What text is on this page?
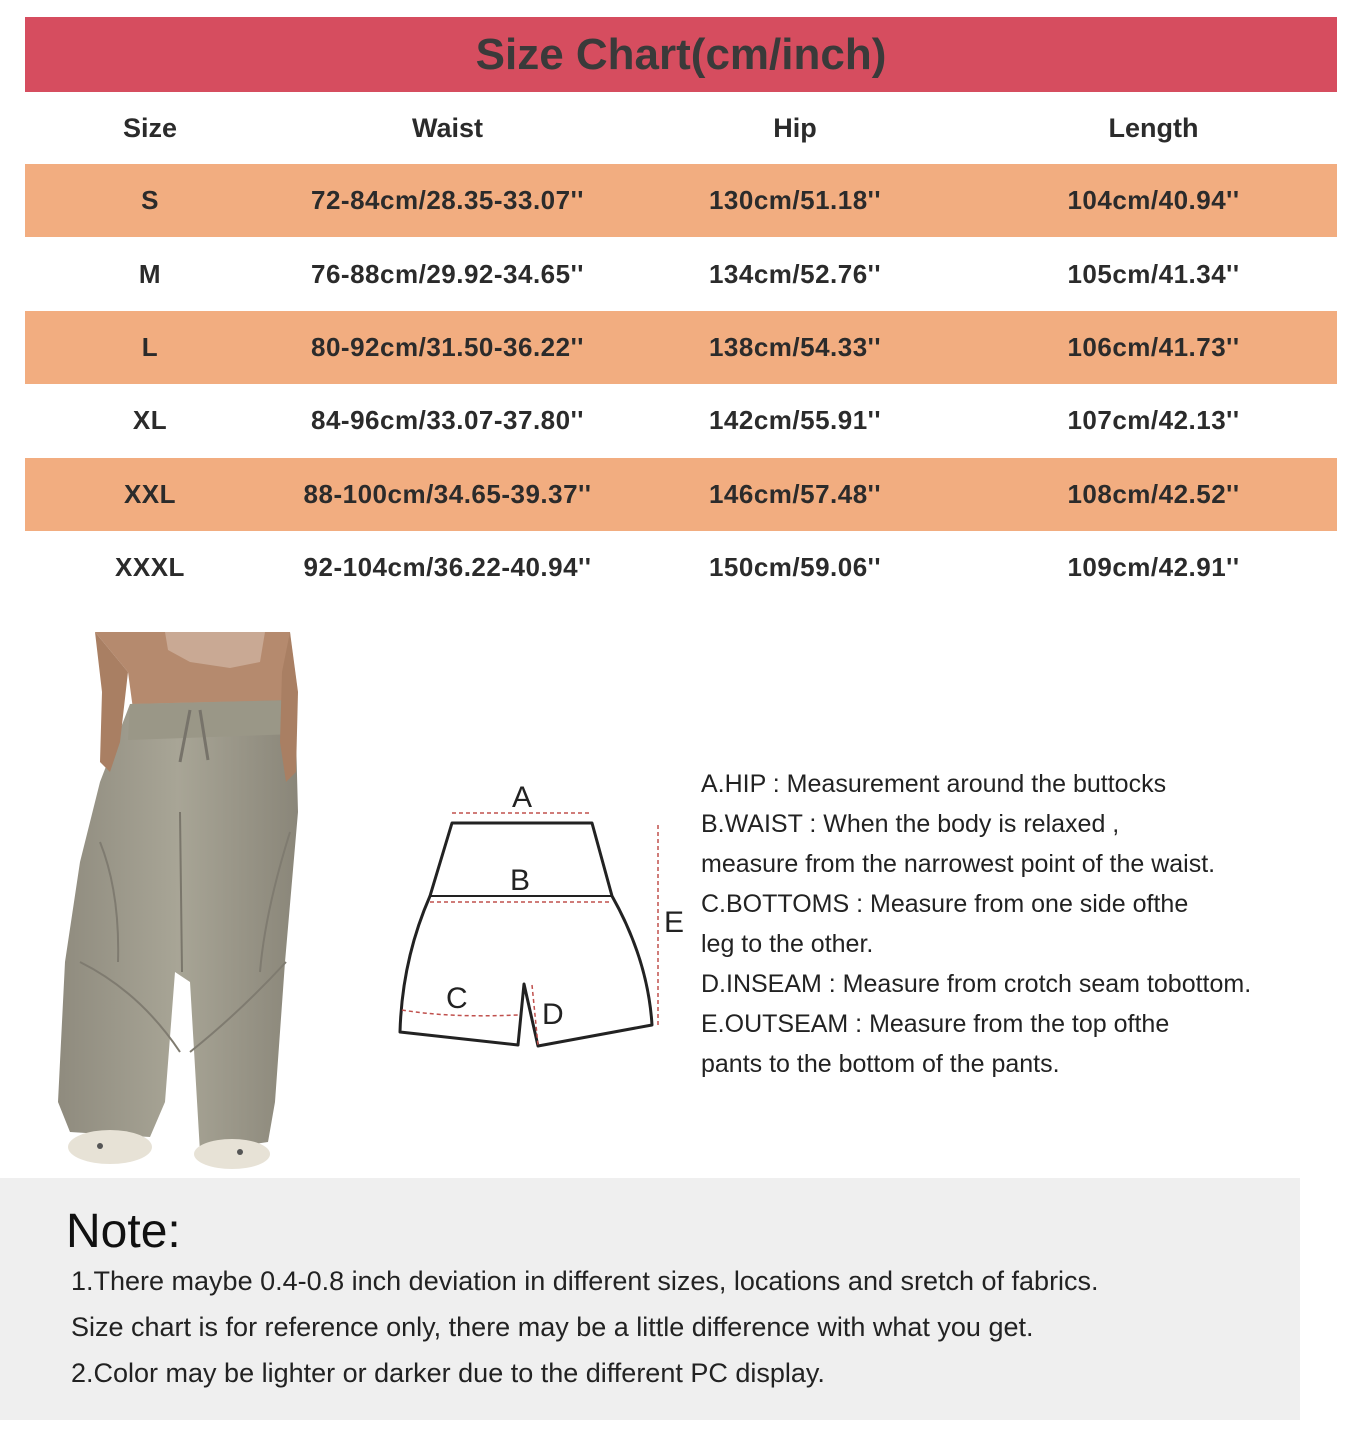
Size Chart(cm/inch)
Size	Waist	Hip	Length
S	72-84cm/28.35-33.07''	130cm/51.18''	104cm/40.94''
M	76-88cm/29.92-34.65''	134cm/52.76''	105cm/41.34''
L	80-92cm/31.50-36.22''	138cm/54.33''	106cm/41.73''
XL	84-96cm/33.07-37.80''	142cm/55.91''	107cm/42.13''
XXL	88-100cm/34.65-39.37''	146cm/57.48''	108cm/42.52''
XXXL	92-104cm/36.22-40.94''	150cm/59.06''	109cm/42.91''
A
B
C D
E
A.HIP : Measurement around the buttocks
B.WAIST : When the body is relaxed ,
measure from the narrowest point of the waist.
C.BOTTOMS : Measure from one side ofthe
leg to the other.
D.INSEAM : Measure from crotch seam tobottom.
E.OUTSEAM : Measure from the top ofthe
pants to the bottom of the pants.
Note:
1.There maybe 0.4-0.8 inch deviation in different sizes, locations and sretch of fabrics.
Size chart is for reference only, there may be a little difference with what you get.
2.Color may be lighter or darker due to the different PC display.
